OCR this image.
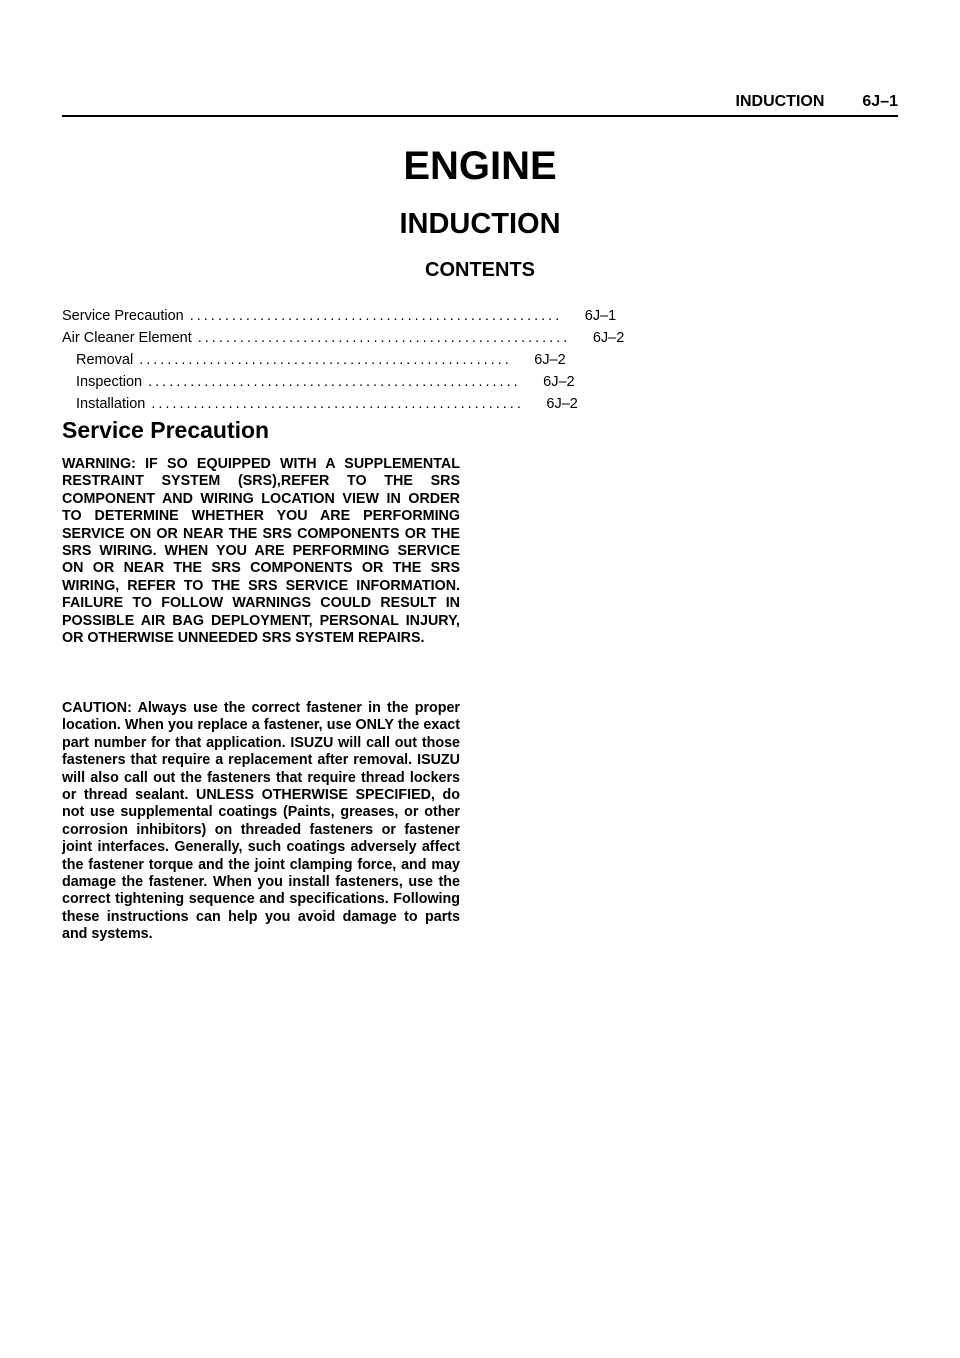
INDUCTION 6J–1
ENGINE
INDUCTION
CONTENTS
Service Precaution .....................................................	6J–1
Air Cleaner Element .....................................................	6J–2
Removal .....................................................	6J–2
Inspection .....................................................	6J–2
Installation .....................................................	6J–2
Service Precaution

WARNING: IF SO EQUIPPED WITH A SUPPLEMENTAL RESTRAINT SYSTEM (SRS),REFER TO THE SRS COMPONENT AND WIRING LOCATION VIEW IN ORDER TO DETERMINE WHETHER YOU ARE PERFORMING SERVICE ON OR NEAR THE SRS COMPONENTS OR THE SRS WIRING. WHEN YOU ARE PERFORMING SERVICE ON OR NEAR THE SRS COMPONENTS OR THE SRS WIRING, REFER TO THE SRS SERVICE INFORMATION. FAILURE TO FOLLOW WARNINGS COULD RESULT IN POSSIBLE AIR BAG DEPLOYMENT, PERSONAL INJURY, OR OTHERWISE UNNEEDED SRS SYSTEM REPAIRS.

CAUTION: Always use the correct fastener in the proper location. When you replace a fastener, use ONLY the exact part number for that application. ISUZU will call out those fasteners that require a replacement after removal. ISUZU will also call out the fasteners that require thread lockers or thread sealant. UNLESS OTHERWISE SPECIFIED, do not use supplemental coatings (Paints, greases, or other corrosion inhibitors) on threaded fasteners or fastener joint interfaces. Generally, such coatings adversely affect the fastener torque and the joint clamping force, and may damage the fastener. When you install fasteners, use the correct tightening sequence and specifications. Following these instructions can help you avoid damage to parts and systems.
